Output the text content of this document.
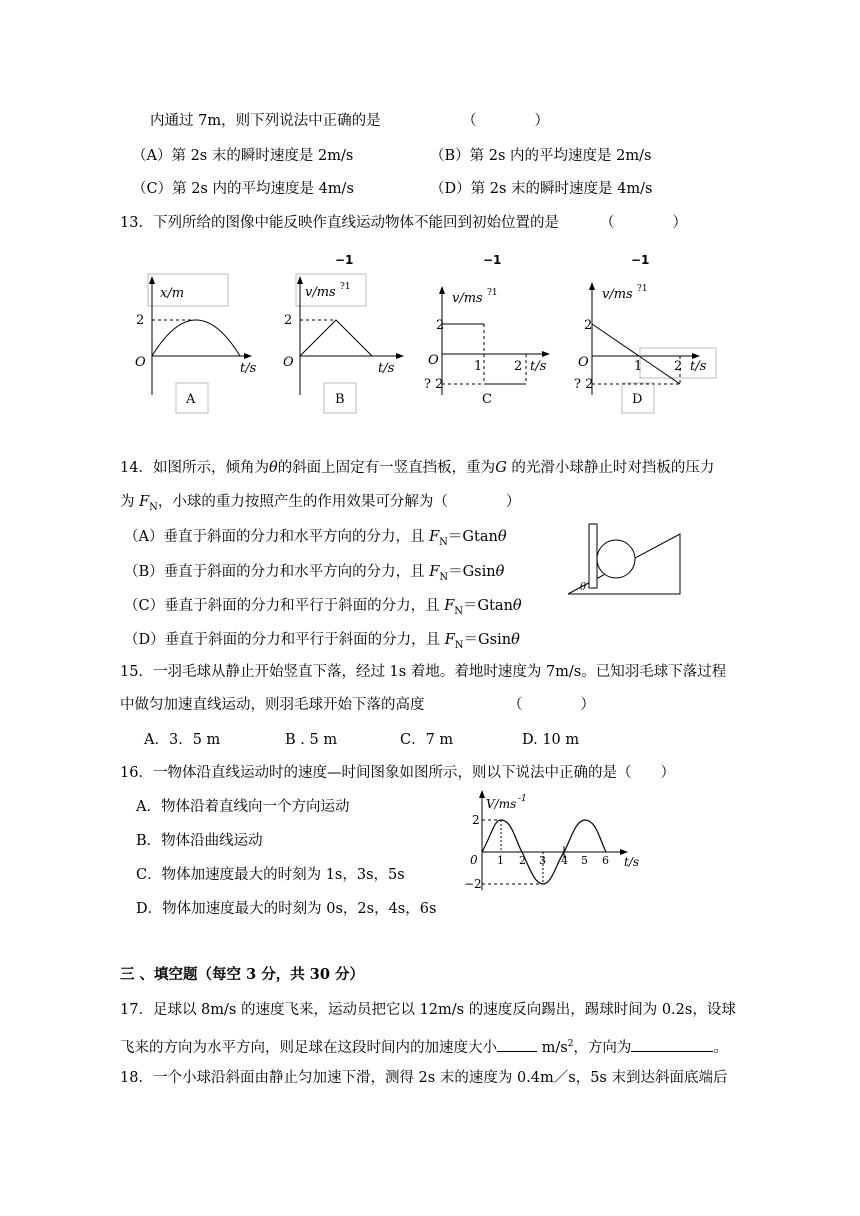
内通过 7m，则下列说法中正确的是	（　　　　）
（A）第 2s 末的瞬时速度是 2m/s	（B）第 2s 内的平均速度是 2m/s
（C）第 2s 内的平均速度是 4m/s	（D）第 2s 末的瞬时速度是 4m/s
13．下列所给的图像中能反映作直线运动物体不能回到初始位置的是	（　　　　）
−1	−1	−1
x/m
2
O	t/s
A
v/ms ?1
2
O	t/s
B
v/ms ?1
2
O	1 2 t/s
? 2
C
v/ms ?1
2
O	1 2 t/s
? 2
D
14．如图所示，倾角为θ的斜面上固定有一竖直挡板，重为G 的光滑小球静止时对挡板的压力
为 $F_N$，小球的重力按照产生的作用效果可分解为（　　　　）
（A）垂直于斜面的分力和水平方向的分力，且 $F_N=Gtan\theta$
（B）垂直于斜面的分力和水平方向的分力，且 $F_N=Gsin\theta$
（C）垂直于斜面的分力和平行于斜面的分力，且 $F_N=Gtan\theta$
（D）垂直于斜面的分力和平行于斜面的分力，且 $F_N=Gsin\theta$
θ
15．一羽毛球从静止开始竖直下落，经过 1s 着地。着地时速度为 7m/s。已知羽毛球下落过程
中做匀加速直线运动，则羽毛球开始下落的高度	（　　　　）
A．3．5 m	B . 5 m	C．7 m	D. 10 m
16．一物体沿直线运动时的速度—时间图象如图所示，则以下说法中正确的是（　　）
A．物体沿着直线向一个方向运动
B．物体沿曲线运动
C．物体加速度最大的时刻为 1s，3s，5s
D．物体加速度最大的时刻为 0s，2s，4s，6s
V/ms -1
2
−2
0 1 2 3 4 5 6 t/s
三 、填空题（每空 3 分，共 30 分）
17．足球以 8m/s 的速度飞来，运动员把它以 12m/s 的速度反向踢出，踢球时间为 0.2s，设球
飞来的方向为水平方向，则足球在这段时间内的加速度大小	$m/s^2$，方向为	。
18．一个小球沿斜面由静止匀加速下滑，测得 2s 末的速度为 0.4m／s，5s 末到达斜面底端后
